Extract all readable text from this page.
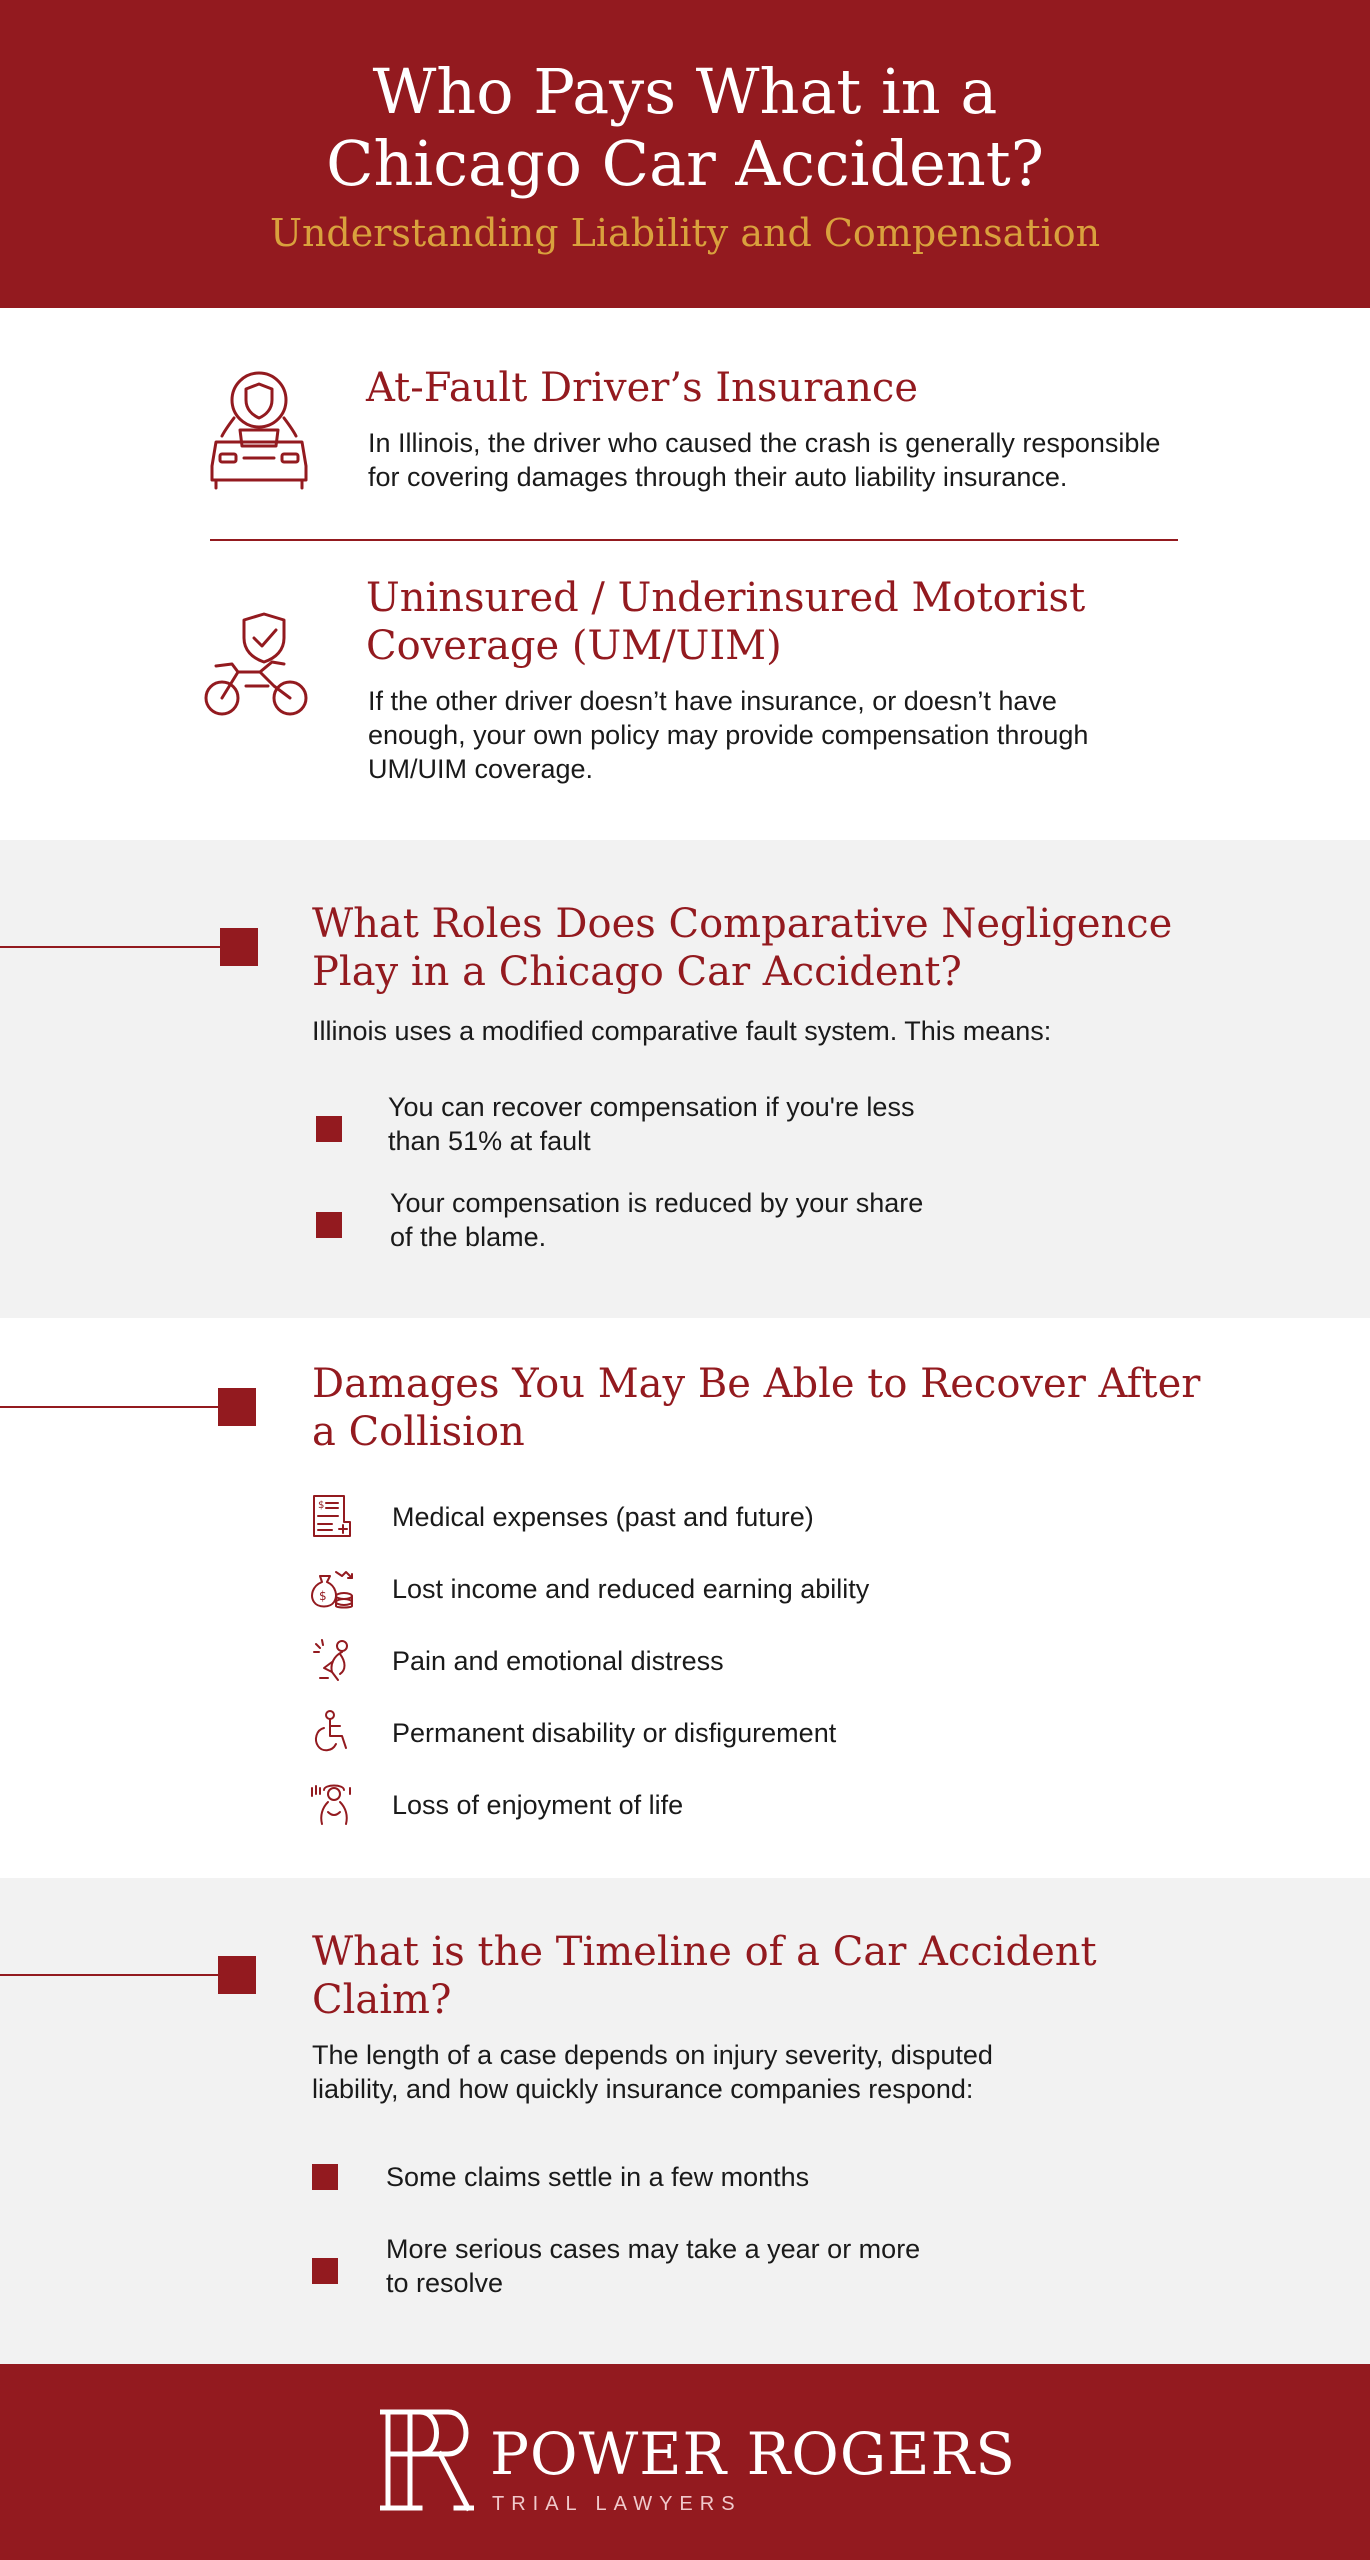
Who Pays What in a
Chicago Car Accident?

Understanding Liability and Compensation

At-Fault Driver’s Insurance

In Illinois, the driver who caused the crash is generally responsible
for covering damages through their auto liability insurance.

Uninsured / Underinsured Motorist
Coverage (UM/UIM)

If the other driver doesn’t have insurance, or doesn’t have
enough, your own policy may provide compensation through
UM/UIM coverage.

What Roles Does Comparative Negligence
Play in a Chicago Car Accident?

Illinois uses a modified comparative fault system. This means:

You can recover compensation if you're less
than 51% at fault

Your compensation is reduced by your share
of the blame.

Damages You May Be Able to Recover After
a Collision
$	Medical expenses (past and future)

$ Lost income and reduced earning ability

Pain and emotional distress

Permanent disability or disfigurement

Loss of enjoyment of life

What is the Timeline of a Car Accident
Claim?

The length of a case depends on injury severity, disputed
liability, and how quickly insurance companies respond:

Some claims settle in a few months

More serious cases may take a year or more
to resolve

PR

POWER ROGERS

TRIAL LAWYERS
